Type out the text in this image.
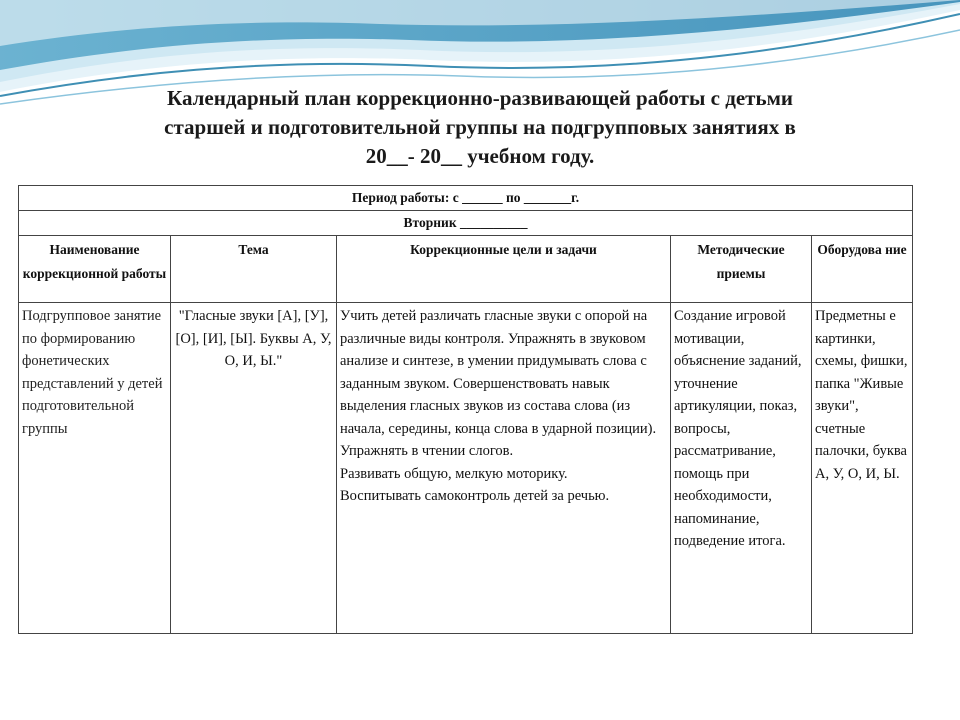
Календарный план коррекционно-развивающей работы с детьми
старшей и подготовительной группы на подгрупповых занятиях в
20__- 20__ учебном году.
Период работы: с ______ по _______г.				
Вторник __________				
Наименование коррекционной работы	Тема	Коррекционные цели и задачи	Методические приемы	Оборудова ние
Подгрупповое занятие по формированию фонетических представлений у детей подготовительной группы	"Гласные звуки [А], [У], [О], [И], [Ы]. Буквы А, У, О, И, Ы."	Учить детей различать гласные звуки с опорой на различные виды контроля. Упражнять в звуковом анализе и синтезе, в умении придумывать слова с заданным звуком. Совершенствовать навык выделения гласных звуков из состава слова (из начала, середины, конца слова в ударной позиции). Упражнять в чтении слогов.

Развивать общую, мелкую моторику.

Воспитывать самоконтроль детей за речью.	Создание игровой мотивации, объяснение заданий, уточнение артикуляции, показ, вопросы, рассматривание, помощь при необходимости, напоминание, подведение итога.	Предметны е картинки, схемы, фишки, папка "Живые звуки", счетные палочки, буква А, У, О, И, Ы.
